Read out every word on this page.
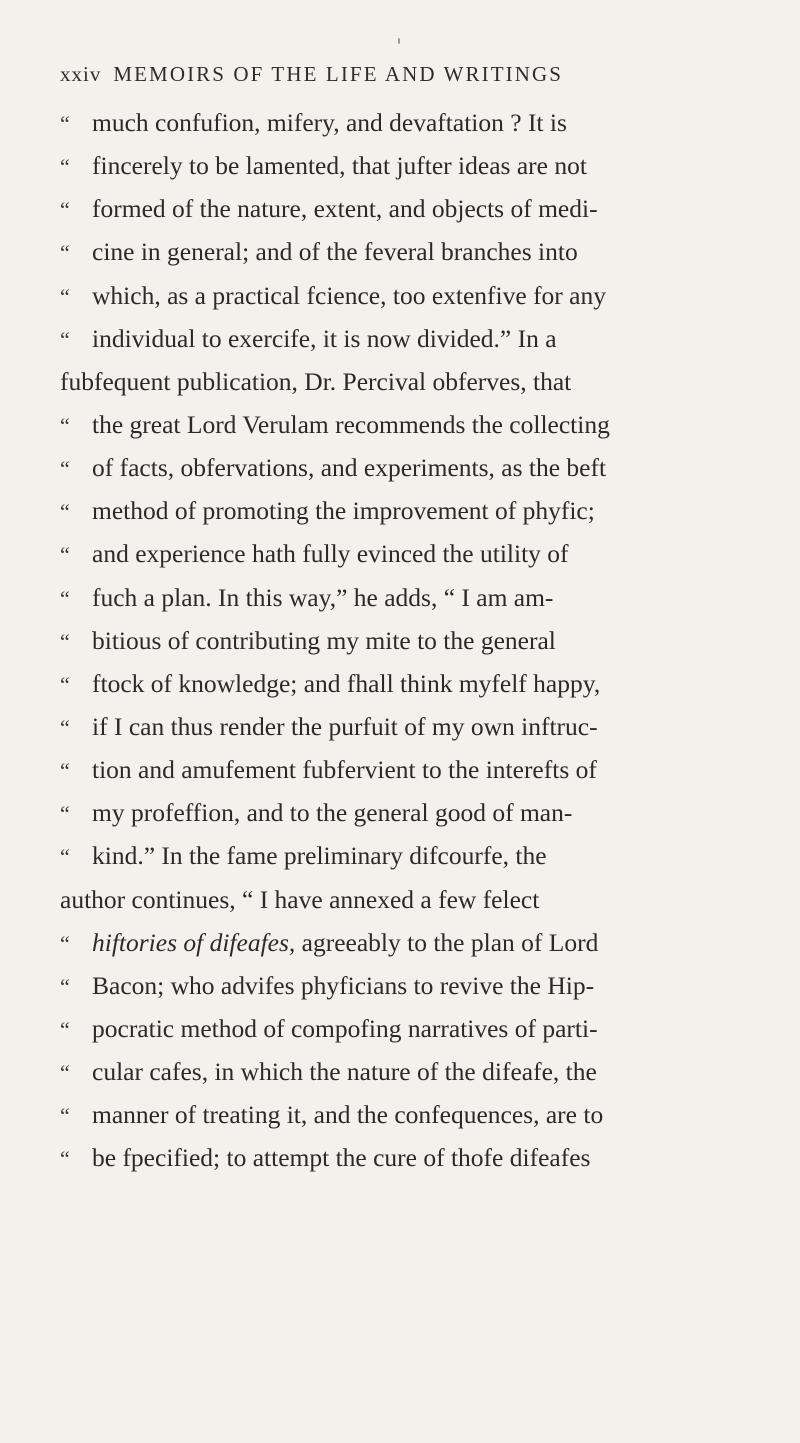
xxiv MEMOIRS OF THE LIFE AND WRITINGS
“ much confufion, mifery, and devaftation ? It is
“ fincerely to be lamented, that jufter ideas are not
“ formed of the nature, extent, and objects of medi-
“ cine in general; and of the feveral branches into
“ which, as a practical fcience, too extenfive for any
“ individual to exercife, it is now divided.” In a
fubfequent publication, Dr. Percival obferves, that
“ the great Lord Verulam recommends the collecting
“ of facts, obfervations, and experiments, as the beft
“ method of promoting the improvement of phyfic;
“ and experience hath fully evinced the utility of
“ fuch a plan. In this way,” he adds, “ I am am-
“ bitious of contributing my mite to the general
“ ftock of knowledge; and fhall think myfelf happy,
“ if I can thus render the purfuit of my own inftruc-
“ tion and amufement fubfervient to the interefts of
“ my profeffion, and to the general good of man-
“ kind.” In the fame preliminary difcourfe, the
author continues, “ I have annexed a few felect
“ hiftories of difeafes, agreeably to the plan of Lord
“ Bacon; who advifes phyficians to revive the Hip-
“ pocratic method of compofing narratives of parti-
“ cular cafes, in which the nature of the difeafe, the
“ manner of treating it, and the confequences, are to
“ be fpecified; to attempt the cure of thofe difeafes
